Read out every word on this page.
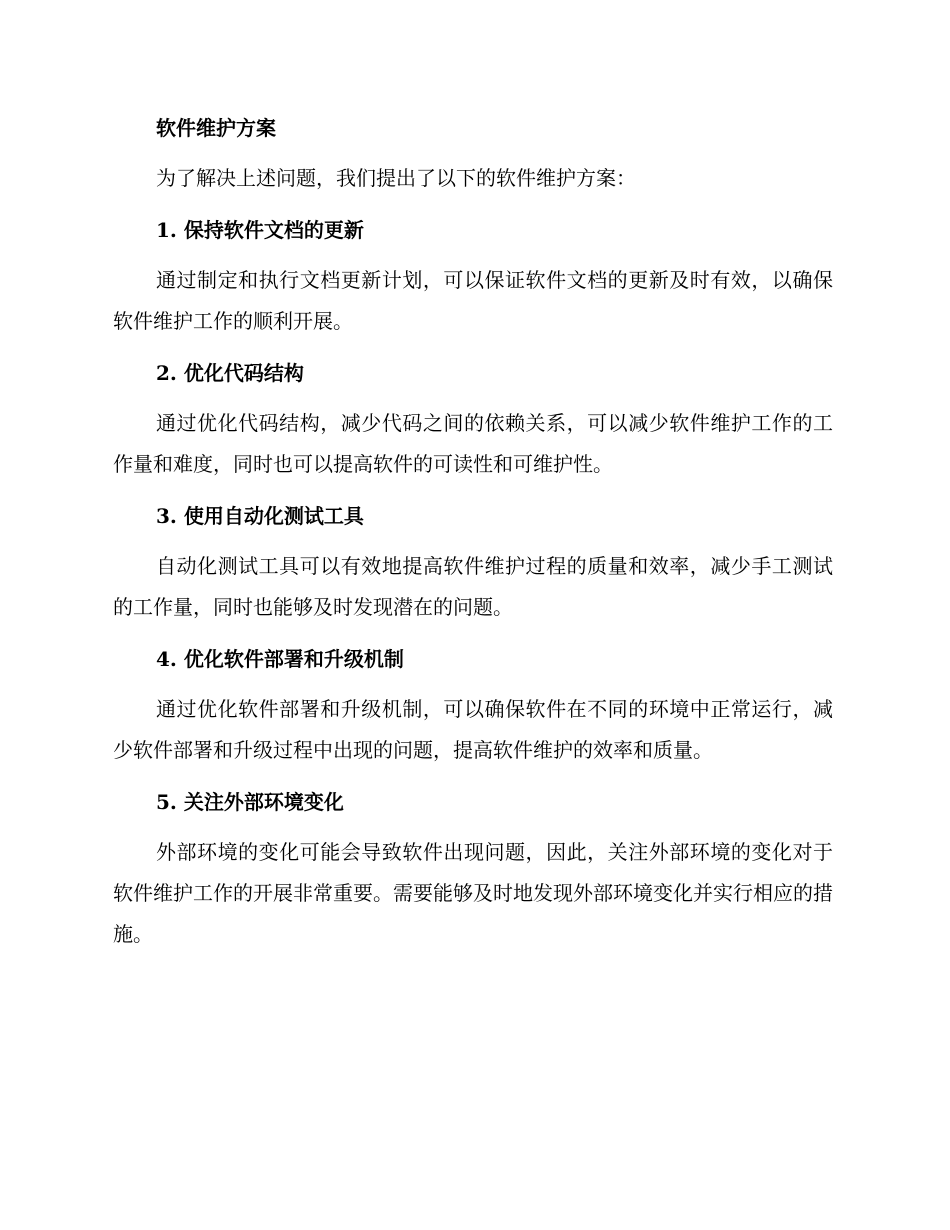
软件维护方案
为了解决上述问题，我们提出了以下的软件维护方案：
1. 保持软件文档的更新
通过制定和执行文档更新计划，可以保证软件文档的更新及时有效，以确保软件维护工作的顺利开展。
2. 优化代码结构
通过优化代码结构，减少代码之间的依赖关系，可以减少软件维护工作的工作量和难度，同时也可以提高软件的可读性和可维护性。
3. 使用自动化测试工具
自动化测试工具可以有效地提高软件维护过程的质量和效率，减少手工测试的工作量，同时也能够及时发现潜在的问题。
4. 优化软件部署和升级机制
通过优化软件部署和升级机制，可以确保软件在不同的环境中正常运行，减少软件部署和升级过程中出现的问题，提高软件维护的效率和质量。
5. 关注外部环境变化
外部环境的变化可能会导致软件出现问题，因此，关注外部环境的变化对于软件维护工作的开展非常重要。需要能够及时地发现外部环境变化并实行相应的措施。
